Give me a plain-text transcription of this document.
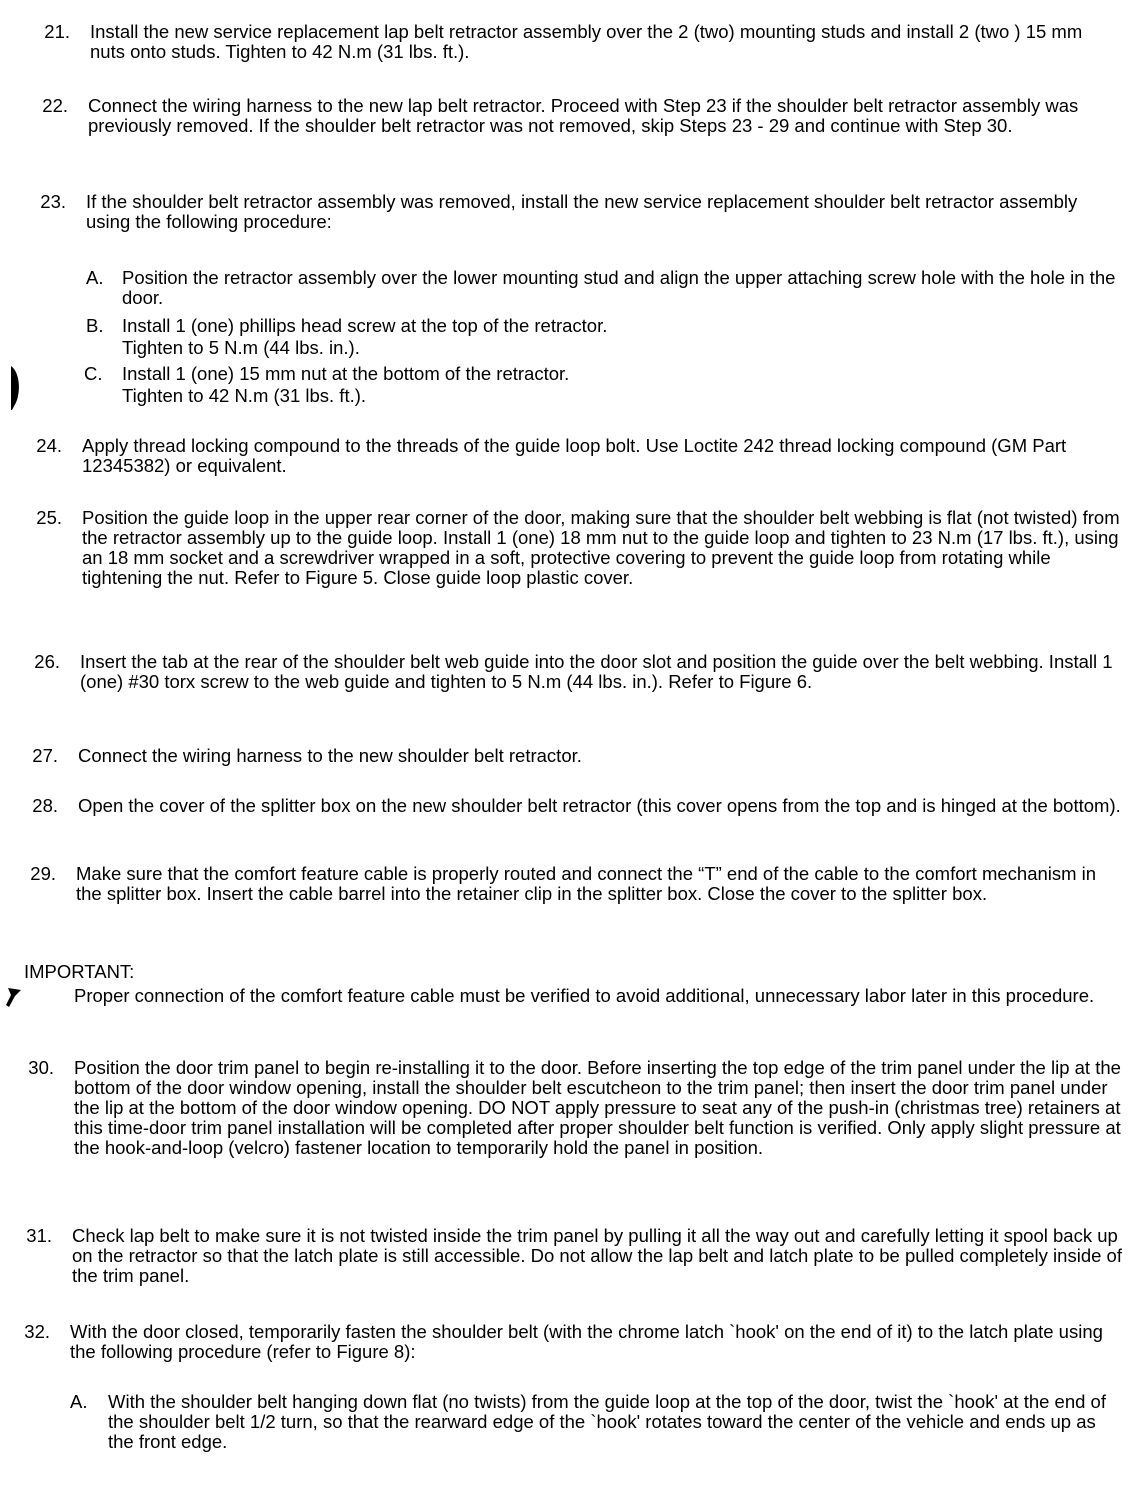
21. Install the new service replacement lap belt retractor assembly over the 2 (two) mounting studs and install 2 (two ) 15 mm nuts onto studs. Tighten to 42 N.m (31 lbs. ft.).
22. Connect the wiring harness to the new lap belt retractor. Proceed with Step 23 if the shoulder belt retractor assembly was previously removed. If the shoulder belt retractor was not removed, skip Steps 23 - 29 and continue with Step 30.
23. If the shoulder belt retractor assembly was removed, install the new service replacement shoulder belt retractor assembly using the following procedure:
A.	Position the retractor assembly over the lower mounting stud and align the upper attaching screw hole with the hole in the door.
B.	Install 1 (one) phillips head screw at the top of the retractor.
Tighten to 5 N.m (44 lbs. in.).
C.	Install 1 (one) 15 mm nut at the bottom of the retractor.
Tighten to 42 N.m (31 lbs. ft.).
24. Apply thread locking compound to the threads of the guide loop bolt. Use Loctite 242 thread locking compound (GM Part 12345382) or equivalent.
25. Position the guide loop in the upper rear corner of the door, making sure that the shoulder belt webbing is flat (not twisted) from the retractor assembly up to the guide loop. Install 1 (one) 18 mm nut to the guide loop and tighten to 23 N.m (17 lbs. ft.), using an 18 mm socket and a screwdriver wrapped in a soft, protective covering to prevent the guide loop from rotating while tightening the nut. Refer to Figure 5. Close guide loop plastic cover.
26. Insert the tab at the rear of the shoulder belt web guide into the door slot and position the guide over the belt webbing. Install 1 (one) #30 torx screw to the web guide and tighten to 5 N.m (44 lbs. in.). Refer to Figure 6.
27. Connect the wiring harness to the new shoulder belt retractor.
28. Open the cover of the splitter box on the new shoulder belt retractor (this cover opens from the top and is hinged at the bottom).
29. Make sure that the comfort feature cable is properly routed and connect the “T” end of the cable to the comfort mechanism in the splitter box. Insert the cable barrel into the retainer clip in the splitter box. Close the cover to the splitter box.
IMPORTANT:
Proper connection of the comfort feature cable must be verified to avoid additional, unnecessary labor later in this procedure.
30. Position the door trim panel to begin re-installing it to the door. Before inserting the top edge of the trim panel under the lip at the bottom of the door window opening, install the shoulder belt escutcheon to the trim panel; then insert the door trim panel under the lip at the bottom of the door window opening. DO NOT apply pressure to seat any of the push-in (christmas tree) retainers at this time-door trim panel installation will be completed after proper shoulder belt function is verified. Only apply slight pressure at the hook-and-loop (velcro) fastener location to temporarily hold the panel in position.
31. Check lap belt to make sure it is not twisted inside the trim panel by pulling it all the way out and carefully letting it spool back up on the retractor so that the latch plate is still accessible. Do not allow the lap belt and latch plate to be pulled completely inside of the trim panel.
32. With the door closed, temporarily fasten the shoulder belt (with the chrome latch `hook' on the end of it) to the latch plate using the following procedure (refer to Figure 8):
A.	With the shoulder belt hanging down flat (no twists) from the guide loop at the top of the door, twist the `hook' at the end of the shoulder belt 1/2 turn, so that the rearward edge of the `hook' rotates toward the center of the vehicle and ends up as the front edge.
